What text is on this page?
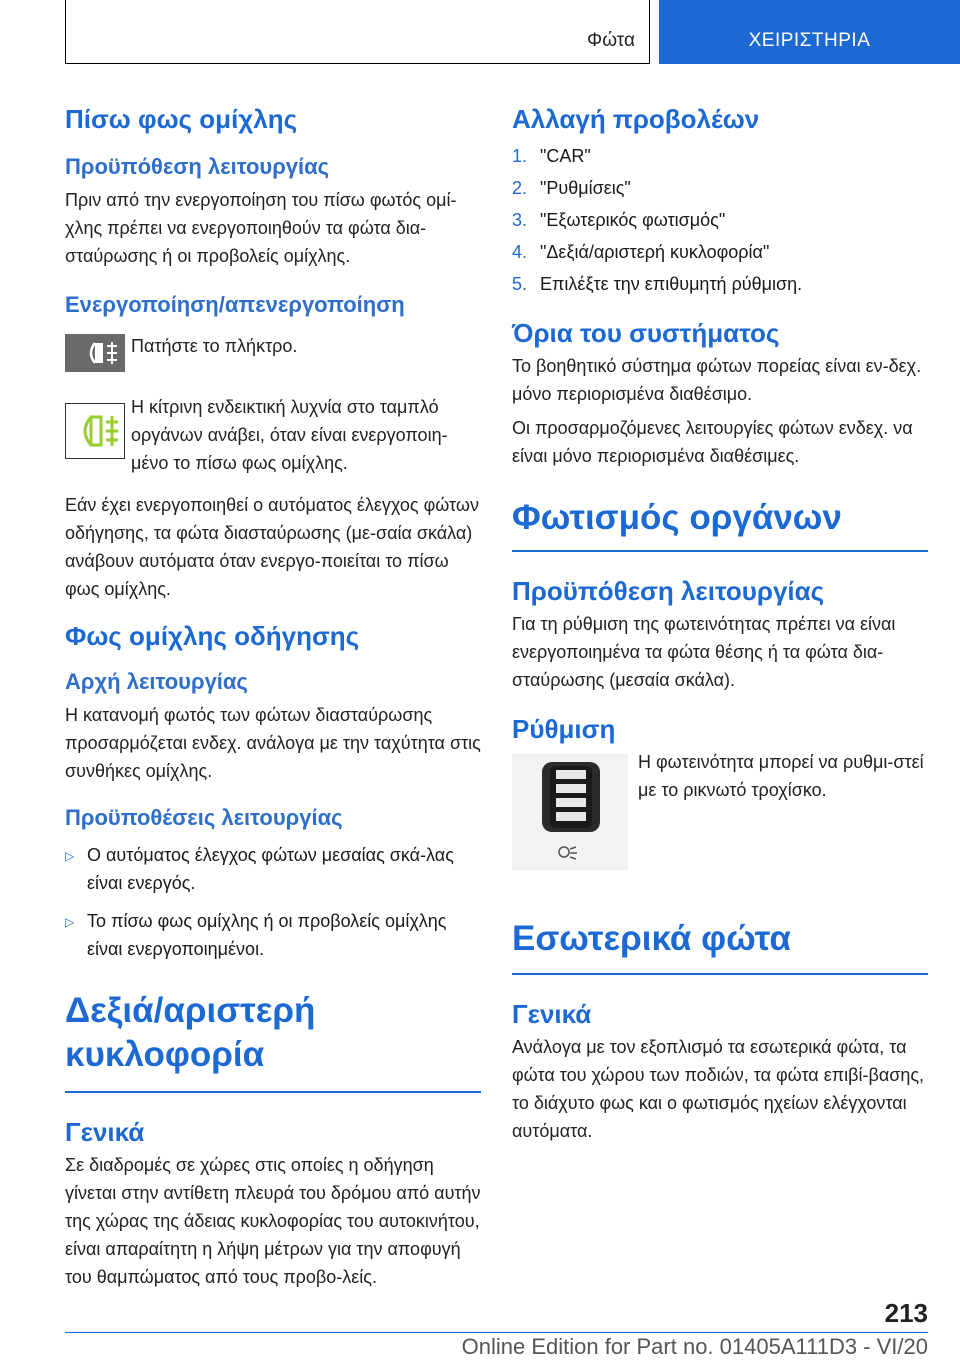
Φώτα	ΧΕΙΡΙΣΤΗΡΙΑ
Πίσω φως ομίχλης
Προϋπόθεση λειτουργίας

Πριν από την ενεργοποίηση του πίσω φωτός ομί-χλης πρέπει να ενεργοποιηθούν τα φώτα δια-σταύρωσης ή οι προβολείς ομίχλης.

Ενεργοποίηση/απενεργοποίηση

Πατήστε το πλήκτρο.

Η κίτρινη ενδεικτική λυχνία στο ταμπλό οργάνων ανάβει, όταν είναι ενεργοποιη-μένο το πίσω φως ομίχλης.

Εάν έχει ενεργοποιηθεί ο αυτόματος έλεγχος φώτων οδήγησης, τα φώτα διασταύρωσης (με-σαία σκάλα) ανάβουν αυτόματα όταν ενεργο-ποιείται το πίσω φως ομίχλης.

Φως ομίχλης οδήγησης
Αρχή λειτουργίας

Η κατανομή φωτός των φώτων διασταύρωσης προσαρμόζεται ενδεχ. ανάλογα με την ταχύτητα στις συνθήκες ομίχλης.

Προϋποθέσεις λειτουργίας
▷ Ο αυτόματος έλεγχος φώτων μεσαίας σκά-λας είναι ενεργός.
▷ Το πίσω φως ομίχλης ή οι προβολείς ομίχλης είναι ενεργοποιημένοι.
Δεξιά/αριστερή κυκλοφορία
Γενικά

Σε διαδρομές σε χώρες στις οποίες η οδήγηση γίνεται στην αντίθετη πλευρά του δρόμου από αυτήν της χώρας της άδειας κυκλοφορίας του αυτοκινήτου, είναι απαραίτητη η λήψη μέτρων για την αποφυγή του θαμπώματος από τους προβο-λείς.

Αλλαγή προβολέων
1. "CAR"
2. "Ρυθμίσεις"
3. "Εξωτερικός φωτισμός"
4. "Δεξιά/αριστερή κυκλοφορία"
5. Επιλέξτε την επιθυμητή ρύθμιση.
Όρια του συστήματος

Το βοηθητικό σύστημα φώτων πορείας είναι εν-δεχ. μόνο περιορισμένα διαθέσιμο.

Οι προσαρμοζόμενες λειτουργίες φώτων ενδεχ. να είναι μόνο περιορισμένα διαθέσιμες.

Φωτισμός οργάνων
Προϋπόθεση λειτουργίας

Για τη ρύθμιση της φωτεινότητας πρέπει να είναι ενεργοποιημένα τα φώτα θέσης ή τα φώτα δια-σταύρωσης (μεσαία σκάλα).

Ρύθμιση

Η φωτεινότητα μπορεί να ρυθμι-στεί με το ρικνωτό τροχίσκο.

Εσωτερικά φώτα
Γενικά

Ανάλογα με τον εξοπλισμό τα εσωτερικά φώτα, τα φώτα του χώρου των ποδιών, τα φώτα επιβί-βασης, το διάχυτο φως και ο φωτισμός ηχείων ελέγχονται αυτόματα.

213
Online Edition for Part no. 01405A111D3 - VI/20
